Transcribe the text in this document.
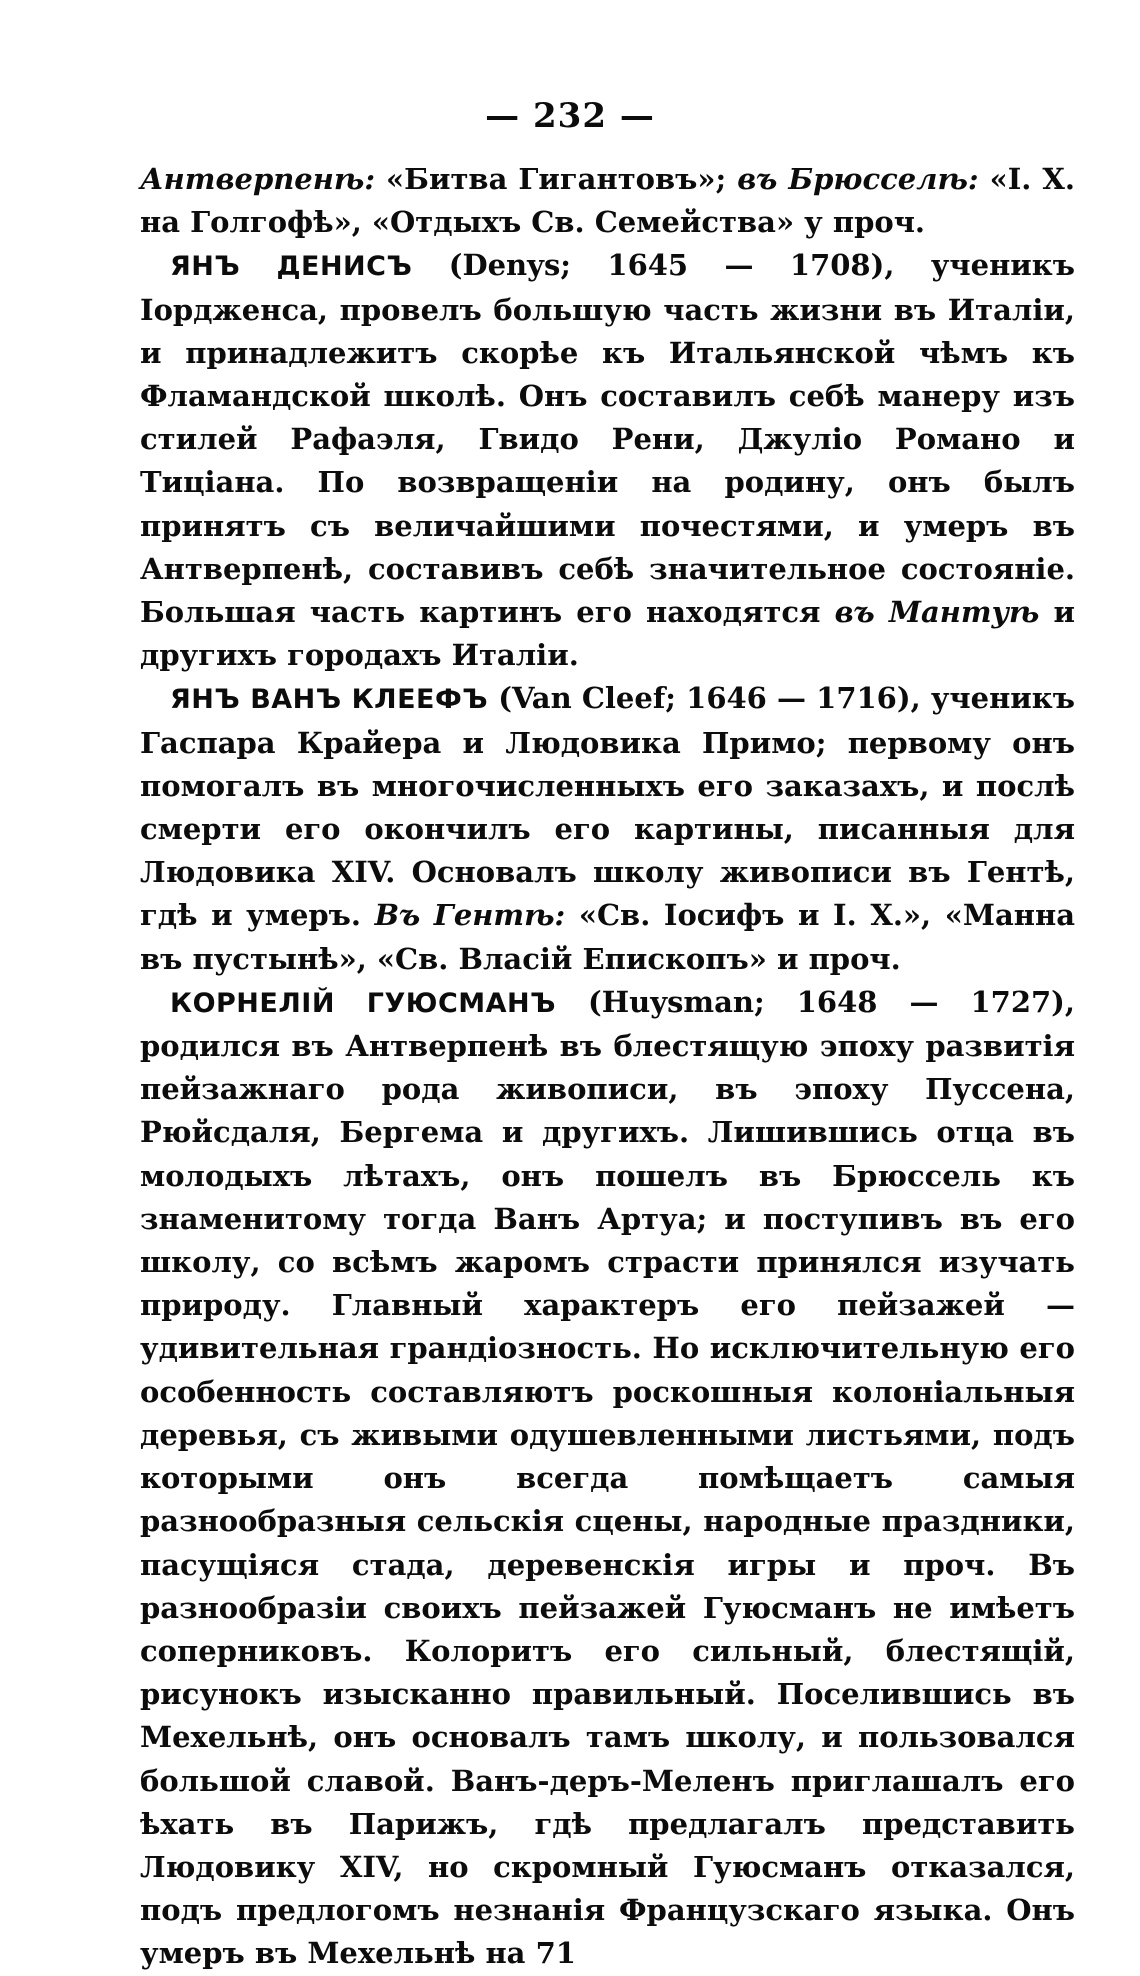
— 232 —

Антверпенѣ: «Битва Гигантовъ»; въ Брюсселѣ: «І. Х. на Голгофѣ», «Отдыхъ Св. Семейства» у проч.

ЯНЪ ДЕНИСЪ (Denys; 1645 — 1708), ученикъ Іордженса, провелъ большую часть жизни въ Италіи, и принадлежитъ скорѣе къ Итальянской чѣмъ къ Фламандской школѣ. Онъ составилъ себѣ манеру изъ стилей Рафаэля, Гвидо Рени, Джуліо Романо и Тиціана. По возвращеніи на родину, онъ былъ принятъ съ величайшими почестями, и умеръ въ Антверпенѣ, составивъ себѣ значительное состояніе. Большая часть картинъ его находятся въ Мантуѣ и другихъ городахъ Италіи.

ЯНЪ ВАНЪ КЛЕЕФЪ (Van Cleef; 1646 — 1716), ученикъ Гаспара Крайера и Людовика Примо; первому онъ помогалъ въ многочисленныхъ его заказахъ, и послѣ смерти его окончилъ его картины, писанныя для Людовика XIV. Основалъ школу живописи въ Гентѣ, гдѣ и умеръ. Въ Гентѣ: «Св. Іосифъ и І. Х.», «Манна въ пустынѣ», «Св. Власій Епископъ» и проч.

КОРНЕЛІЙ ГУЮСМАНЪ (Huysman; 1648 — 1727), родился въ Антверпенѣ въ блестящую эпоху развитія пейзажнаго рода живописи, въ эпоху Пуссена, Рюйсдаля, Бергема и другихъ. Лишившись отца въ молодыхъ лѣтахъ, онъ пошелъ въ Брюссель къ знаменитому тогда Ванъ Артуа; и поступивъ въ его школу, со всѣмъ жаромъ страсти принялся изучать природу. Главный характеръ его пейзажей — удивительная грандіозность. Но исключительную его особенность составляютъ роскошныя колоніальныя деревья, съ живыми одушевленными листьями, подъ которыми онъ всегда помѣщаетъ самыя разнообразныя сельскія сцены, народные праздники, пасущіяся стада, деревенскія игры и проч. Въ разнообразіи своихъ пейзажей Гуюсманъ не имѣетъ соперниковъ. Колоритъ его сильный, блестящій, рисунокъ изысканно правильный. Поселившись въ Мехельнѣ, онъ основалъ тамъ школу, и пользовался большой славой. Ванъ-деръ-Меленъ приглашалъ его ѣхать въ Парижъ, гдѣ предлагалъ представить Людовику XIV, но скромный Гуюсманъ отказался, подъ предлогомъ незнанія Французскаго языка. Онъ умеръ въ Мехельнѣ на 71
